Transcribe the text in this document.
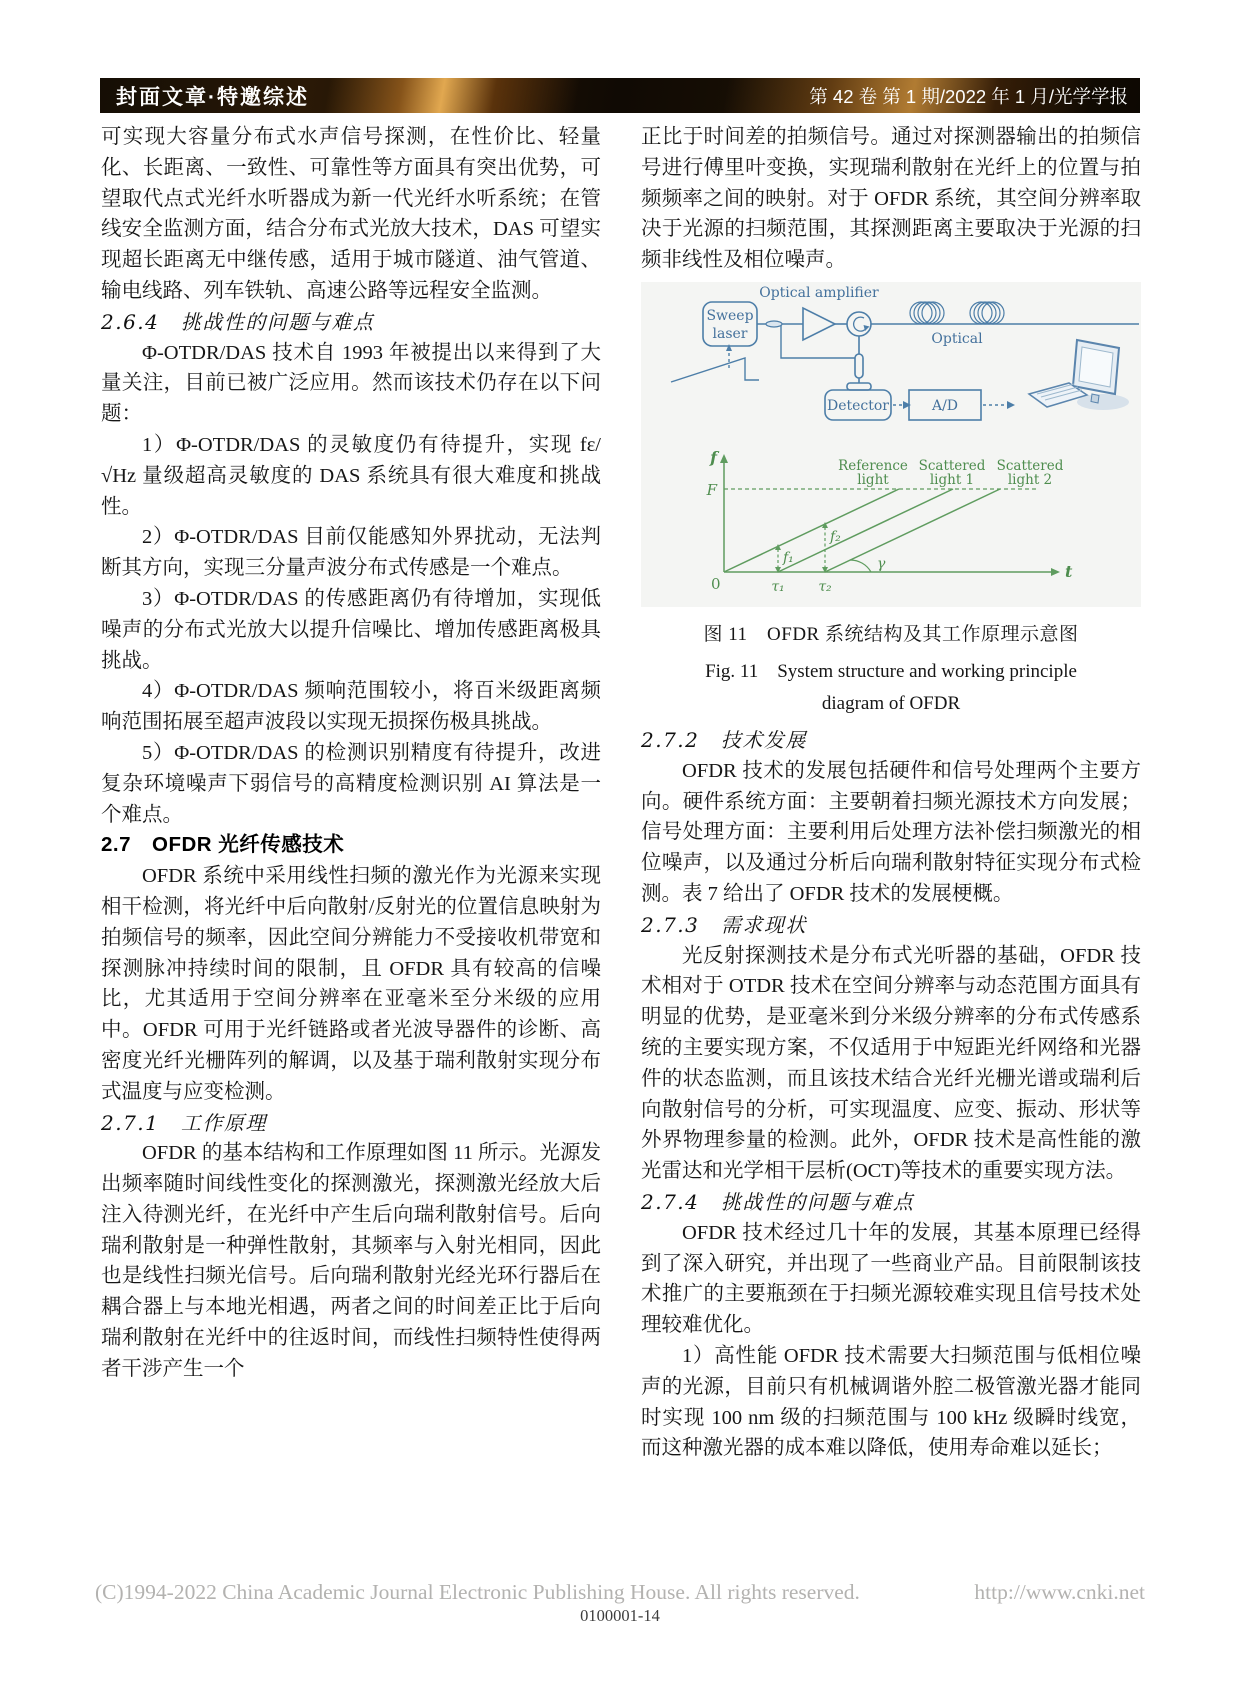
封面文章·特邀综述	第 42 卷 第 1 期/2022 年 1 月/光学学报

可实现大容量分布式水声信号探测，在性价比、轻量化、长距离、一致性、可靠性等方面具有突出优势，可望取代点式光纤水听器成为新一代光纤水听系统；在管线安全监测方面，结合分布式光放大技术，DAS 可望实现超长距离无中继传感，适用于城市隧道、油气管道、输电线路、列车铁轨、高速公路等远程安全监测。

2.6.4　挑战性的问题与难点

Φ-OTDR/DAS 技术自 1993 年被提出以来得到了大量关注，目前已被广泛应用。然而该技术仍存在以下问题：

1）Φ-OTDR/DAS 的灵敏度仍有待提升，实现 fε/√Hz 量级超高灵敏度的 DAS 系统具有很大难度和挑战性。

2）Φ-OTDR/DAS 目前仅能感知外界扰动，无法判断其方向，实现三分量声波分布式传感是一个难点。

3）Φ-OTDR/DAS 的传感距离仍有待增加，实现低噪声的分布式光放大以提升信噪比、增加传感距离极具挑战。

4）Φ-OTDR/DAS 频响范围较小，将百米级距离频响范围拓展至超声波段以实现无损探伤极具挑战。

5）Φ-OTDR/DAS 的检测识别精度有待提升，改进复杂环境噪声下弱信号的高精度检测识别 AI 算法是一个难点。

2.7　OFDR 光纤传感技术

OFDR 系统中采用线性扫频的激光作为光源来实现相干检测，将光纤中后向散射/反射光的位置信息映射为拍频信号的频率，因此空间分辨能力不受接收机带宽和探测脉冲持续时间的限制，且 OFDR 具有较高的信噪比，尤其适用于空间分辨率在亚毫米至分米级的应用中。OFDR 可用于光纤链路或者光波导器件的诊断、高密度光纤光栅阵列的解调，以及基于瑞利散射实现分布式温度与应变检测。

2.7.1　工作原理

OFDR 的基本结构和工作原理如图 11 所示。光源发出频率随时间线性变化的探测激光，探测激光经放大后注入待测光纤，在光纤中产生后向瑞利散射信号。后向瑞利散射是一种弹性散射，其频率与入射光相同，因此也是线性扫频光信号。后向瑞利散射光经光环行器后在耦合器上与本地光相遇，两者之间的时间差正比于后向瑞利散射在光纤中的往返时间，而线性扫频特性使得两者干涉产生一个

正比于时间差的拍频信号。通过对探测器输出的拍频信号进行傅里叶变换，实现瑞利散射在光纤上的位置与拍频频率之间的映射。对于 OFDR 系统，其空间分辨率取决于光源的扫频范围，其探测距离主要取决于光源的扫频非线性及相位噪声。

Sweep
laser
Optical amplifier
Optical
Detector	A/D

f
F
t
0
Reference
light
Scattered
light 1
Scattered
light 2
f₁
f₂
τ₁ τ₂
γ
图 11　OFDR 系统结构及其工作原理示意图
Fig. 11　System structure and working principle
diagram of OFDR

2.7.2　技术发展

OFDR 技术的发展包括硬件和信号处理两个主要方向。硬件系统方面：主要朝着扫频光源技术方向发展；信号处理方面：主要利用后处理方法补偿扫频激光的相位噪声，以及通过分析后向瑞利散射特征实现分布式检测。表 7 给出了 OFDR 技术的发展梗概。

2.7.3　需求现状

光反射探测技术是分布式光听器的基础，OFDR 技术相对于 OTDR 技术在空间分辨率与动态范围方面具有明显的优势，是亚毫米到分米级分辨率的分布式传感系统的主要实现方案，不仅适用于中短距光纤网络和光器件的状态监测，而且该技术结合光纤光栅光谱或瑞利后向散射信号的分析，可实现温度、应变、振动、形状等外界物理参量的检测。此外，OFDR 技术是高性能的激光雷达和光学相干层析(OCT)等技术的重要实现方法。

2.7.4　挑战性的问题与难点

OFDR 技术经过几十年的发展，其基本原理已经得到了深入研究，并出现了一些商业产品。目前限制该技术推广的主要瓶颈在于扫频光源较难实现且信号技术处理较难优化。

1）高性能 OFDR 技术需要大扫频范围与低相位噪声的光源，目前只有机械调谐外腔二极管激光器才能同时实现 100 nm 级的扫频范围与 100 kHz 级瞬时线宽，而这种激光器的成本难以降低，使用寿命难以延长；

(C)1994-2022 China Academic Journal Electronic Publishing House. All rights reserved.	http://www.cnki.net
0100001-14
